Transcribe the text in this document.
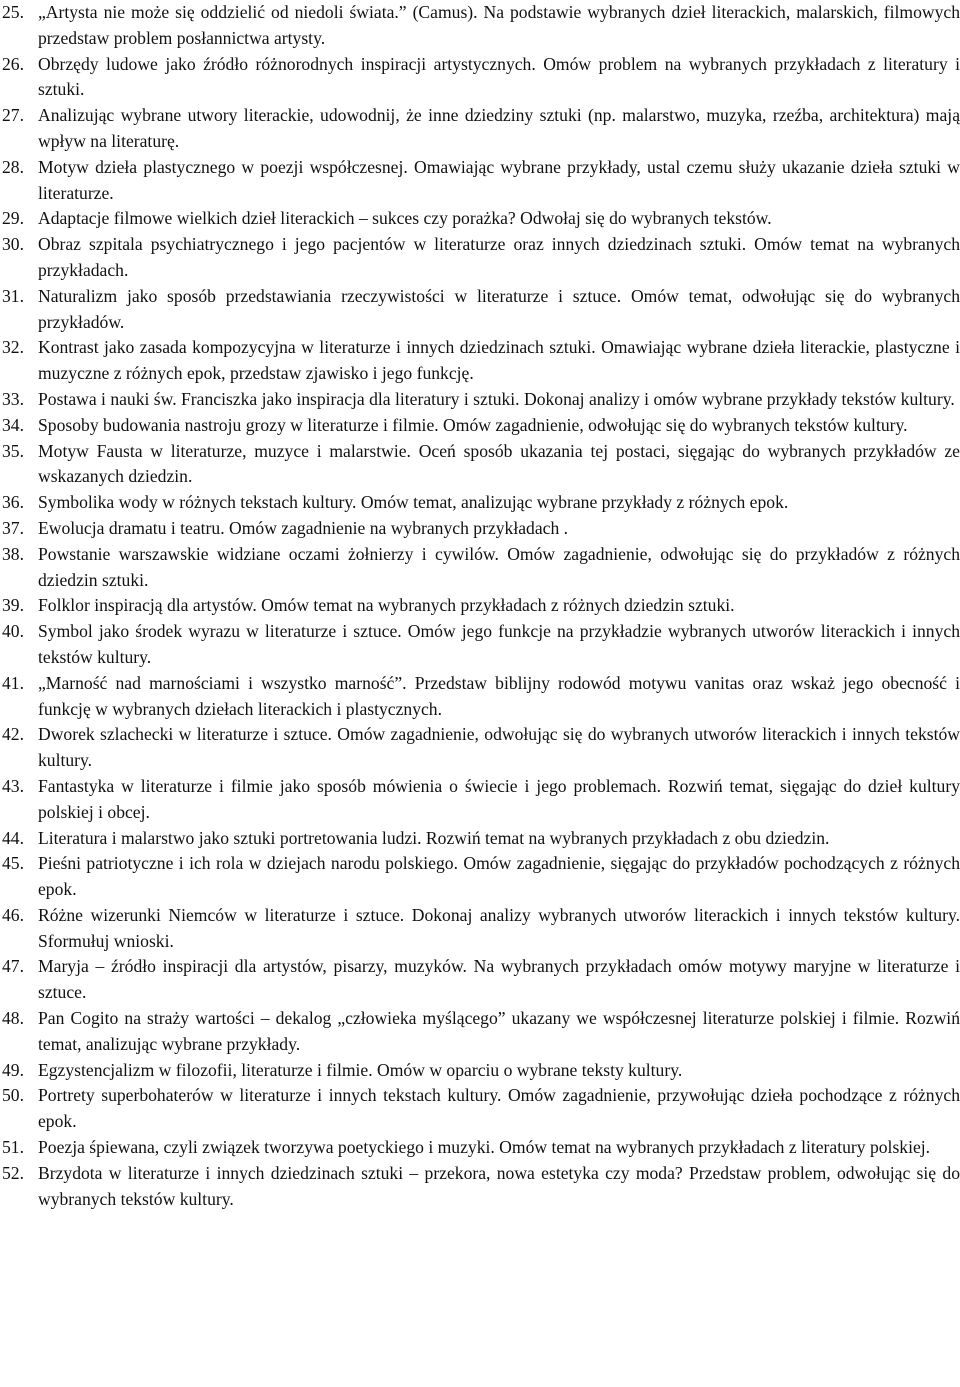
25. „Artysta nie może się oddzielić od niedoli świata.” (Camus). Na podstawie wybranych dzieł literackich, malarskich, filmowych przedstaw problem posłannictwa artysty.
26. Obrzędy ludowe jako źródło różnorodnych inspiracji artystycznych. Omów problem na wybranych przykładach z literatury i sztuki.
27. Analizując wybrane utwory literackie, udowodnij, że inne dziedziny sztuki (np. malarstwo, muzyka, rzeźba, architektura) mają wpływ na literaturę.
28. Motyw dzieła plastycznego w poezji współczesnej. Omawiając wybrane przykłady, ustal czemu służy ukazanie dzieła sztuki w literaturze.
29. Adaptacje filmowe wielkich dzieł literackich – sukces czy porażka? Odwołaj się do wybranych tekstów.
30. Obraz szpitala psychiatrycznego i jego pacjentów w literaturze oraz innych dziedzinach sztuki. Omów temat na wybranych przykładach.
31. Naturalizm jako sposób przedstawiania rzeczywistości w literaturze i sztuce. Omów temat, odwołując się do wybranych przykładów.
32. Kontrast jako zasada kompozycyjna w literaturze i innych dziedzinach sztuki. Omawiając wybrane dzieła literackie, plastyczne i muzyczne z różnych epok, przedstaw zjawisko i jego funkcję.
33. Postawa i nauki św. Franciszka jako inspiracja dla literatury i sztuki. Dokonaj analizy i omów wybrane przykłady tekstów kultury.
34. Sposoby budowania nastroju grozy w literaturze i filmie. Omów zagadnienie, odwołując się do wybranych tekstów kultury.
35. Motyw Fausta w literaturze, muzyce i malarstwie. Oceń sposób ukazania tej postaci, sięgając do wybranych przykładów ze wskazanych dziedzin.
36. Symbolika wody w różnych tekstach kultury. Omów temat, analizując wybrane przykłady z różnych epok.
37. Ewolucja dramatu i teatru. Omów zagadnienie na wybranych przykładach .
38. Powstanie warszawskie widziane oczami żołnierzy i cywilów. Omów zagadnienie, odwołując się do przykładów z różnych dziedzin sztuki.
39. Folklor inspiracją dla artystów. Omów temat na wybranych przykładach z różnych dziedzin sztuki.
40. Symbol jako środek wyrazu w literaturze i sztuce. Omów jego funkcje na przykładzie wybranych utworów literackich i innych tekstów kultury.
41. „Marność nad marnościami i wszystko marność”. Przedstaw biblijny rodowód motywu vanitas oraz wskaż jego obecność i funkcję w wybranych dziełach literackich i plastycznych.
42. Dworek szlachecki w literaturze i sztuce. Omów zagadnienie, odwołując się do wybranych utworów literackich i innych tekstów kultury.
43. Fantastyka w literaturze i filmie jako sposób mówienia o świecie i jego problemach. Rozwiń temat, sięgając do dzieł kultury polskiej i obcej.
44. Literatura i malarstwo jako sztuki portretowania ludzi. Rozwiń temat na wybranych przykładach z obu dziedzin.
45. Pieśni patriotyczne i ich rola w dziejach narodu polskiego. Omów zagadnienie, sięgając do przykładów pochodzących z różnych epok.
46. Różne wizerunki Niemców w literaturze i sztuce. Dokonaj analizy wybranych utworów literackich i innych tekstów kultury. Sformułuj wnioski.
47. Maryja – źródło inspiracji dla artystów, pisarzy, muzyków. Na wybranych przykładach omów motywy maryjne w literaturze i sztuce.
48. Pan Cogito na straży wartości – dekalog „człowieka myślącego” ukazany we współczesnej literaturze polskiej i filmie. Rozwiń temat, analizując wybrane przykłady.
49. Egzystencjalizm w filozofii, literaturze i filmie. Omów w oparciu o wybrane teksty kultury.
50. Portrety superbohaterów w literaturze i innych tekstach kultury. Omów zagadnienie, przywołując dzieła pochodzące z różnych epok.
51. Poezja śpiewana, czyli związek tworzywa poetyckiego i muzyki. Omów temat na wybranych przykładach z literatury polskiej.
52. Brzydota w literaturze i innych dziedzinach sztuki – przekora, nowa estetyka czy moda? Przedstaw problem, odwołując się do wybranych tekstów kultury.
